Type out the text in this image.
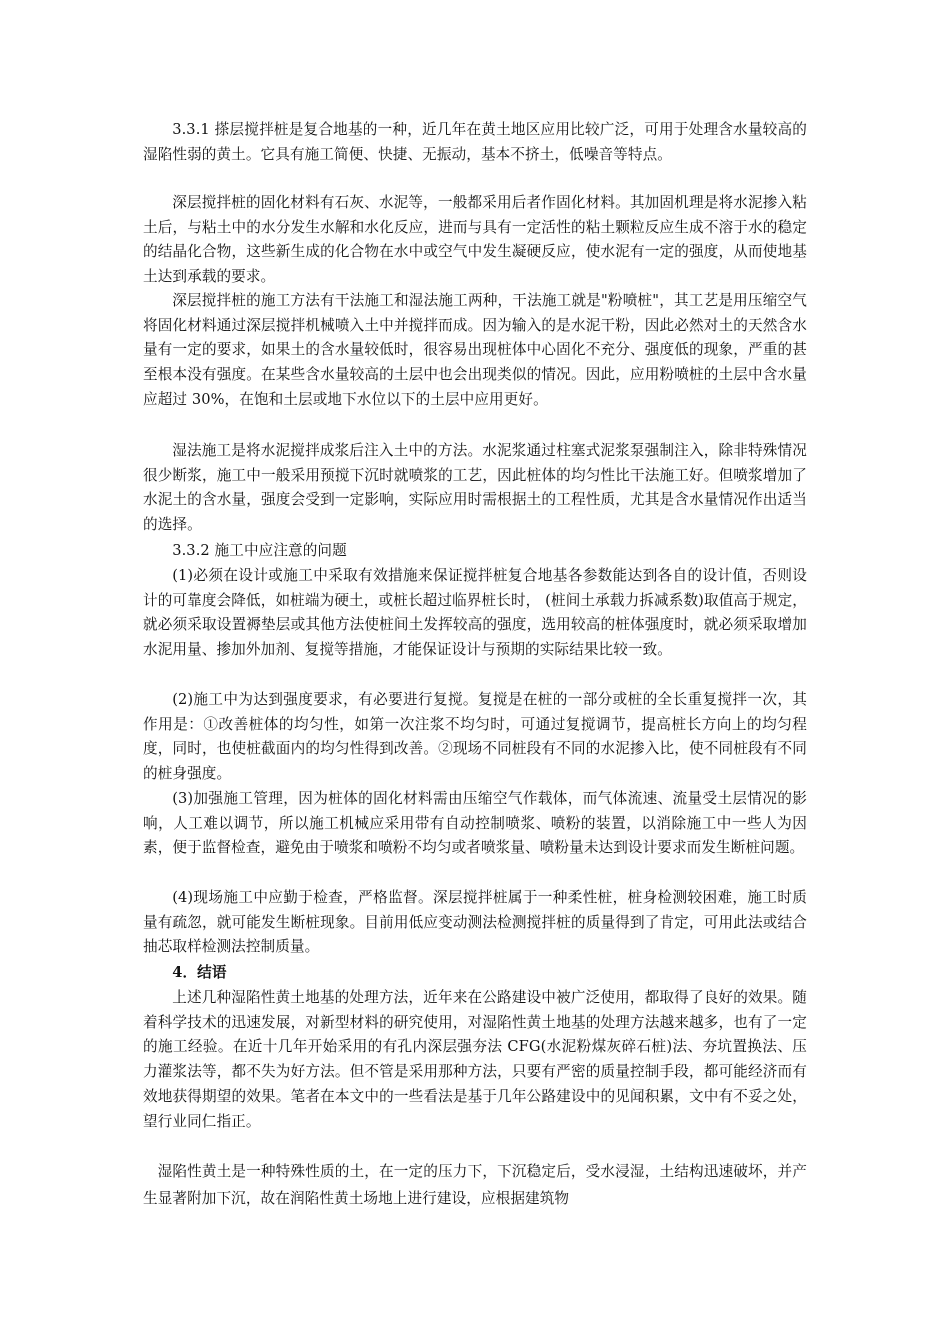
3.3.1 搽层搅拌桩是复合地基的一种，近几年在黄土地区应用比较广泛，可用于处理含水量较高的湿陷性弱的黄土。它具有施工简便、快捷、无振动，基本不挤土，低噪音等特点。

深层搅拌桩的固化材料有石灰、水泥等，一般都采用后者作固化材料。其加固机理是将水泥掺入粘土后，与粘土中的水分发生水解和水化反应，进而与具有一定活性的粘土颗粒反应生成不溶于水的稳定的结晶化合物，这些新生成的化合物在水中或空气中发生凝硬反应，使水泥有一定的强度，从而使地基土达到承载的要求。

深层搅拌桩的施工方法有干法施工和湿法施工两种，干法施工就是"粉喷桩"，其工艺是用压缩空气将固化材料通过深层搅拌机械喷入土中并搅拌而成。因为输入的是水泥干粉，因此必然对土的天然含水量有一定的要求，如果土的含水量较低时，很容易出现桩体中心固化不充分、强度低的现象，严重的甚至根本没有强度。在某些含水量较高的土层中也会出现类似的情况。因此，应用粉喷桩的土层中含水量应超过 30%，在饱和土层或地下水位以下的土层中应用更好。

湿法施工是将水泥搅拌成浆后注入土中的方法。水泥浆通过柱塞式泥浆泵强制注入，除非特殊情况很少断浆，施工中一般采用预搅下沉时就喷浆的工艺，因此桩体的均匀性比干法施工好。但喷浆增加了水泥土的含水量，强度会受到一定影响，实际应用时需根据土的工程性质，尤其是含水量情况作出适当的选择。

3.3.2 施工中应注意的问题

(1)必须在设计或施工中采取有效措施来保证搅拌桩复合地基各参数能达到各自的设计值，否则设计的可靠度会降低，如桩端为硬土，或桩长超过临界桩长时， (桩间土承载力拆减系数)取值高于规定，就必须采取设置褥垫层或其他方法使桩间土发挥较高的强度，选用较高的桩体强度时，就必须采取增加水泥用量、掺加外加剂、复搅等措施，才能保证设计与预期的实际结果比较一致。

(2)施工中为达到强度要求，有必要进行复搅。复搅是在桩的一部分或桩的全长重复搅拌一次，其作用是：①改善桩体的均匀性，如第一次注浆不均匀时，可通过复搅调节，提高桩长方向上的均匀程度，同时，也使桩截面内的均匀性得到改善。②现场不同桩段有不同的水泥掺入比，使不同桩段有不同的桩身强度。

(3)加强施工管理，因为桩体的固化材料需由压缩空气作载体，而气体流速、流量受土层情况的影响，人工难以调节，所以施工机械应采用带有自动控制喷浆、喷粉的装置，以消除施工中一些人为因素，便于监督检查，避免由于喷浆和喷粉不均匀或者喷浆量、喷粉量未达到设计要求而发生断桩问题。

(4)现场施工中应勤于检查，严格监督。深层搅拌桩属于一种柔性桩，桩身检测较困难，施工时质量有疏忽，就可能发生断桩现象。目前用低应变动测法检测搅拌桩的质量得到了肯定，可用此法或结合抽芯取样检测法控制质量。

4．结语

上述几种湿陷性黄土地基的处理方法，近年来在公路建设中被广泛使用，都取得了良好的效果。随着科学技术的迅速发展，对新型材料的研究使用，对湿陷性黄土地基的处理方法越来越多，也有了一定的施工经验。在近十几年开始采用的有孔内深层强夯法 CFG(水泥粉煤灰碎石桩)法、夯坑置换法、压力灌浆法等，都不失为好方法。但不管是采用那种方法，只要有严密的质量控制手段，都可能经济而有效地获得期望的效果。笔者在本文中的一些看法是基于几年公路建设中的见闻积累，文中有不妥之处，望行业同仁指正。

湿陷性黄土是一种特殊性质的土，在一定的压力下，下沉稳定后，受水浸湿，土结构迅速破坏，并产生显著附加下沉，故在润陷性黄土场地上进行建设，应根据建筑物
